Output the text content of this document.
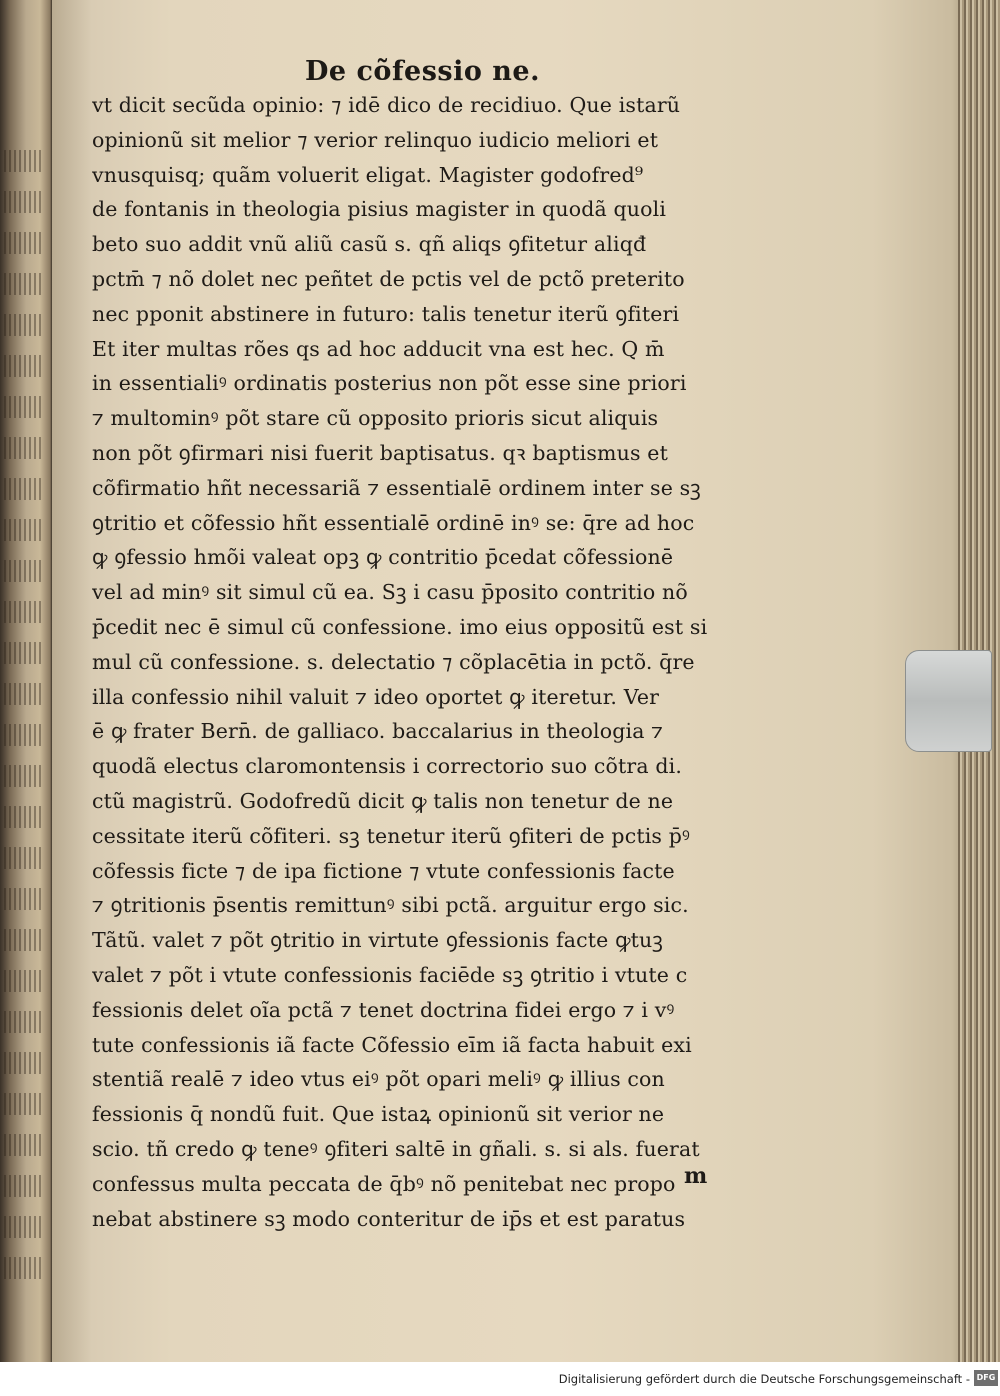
De cõfessio ne.
vt dicit secũda opinio: ⁊ idē dico de recidiuo. Que istarũ
opinionũ sit melior ⁊ verior relinquo iudicio meliori et
vnusquisq; quãm voluerit eligat. Magister godofred⁹
de fontanis in theologia pisius magister in quodã quoli
beto suo addit vnũ aliũ casũ s. qñ aliqs ꝯfitetur aliqđ
pctm̄ ⁊ nõ dolet nec peñtet de pctis vel de pctõ preterito
nec pponit abstinere in futuro: talis tenetur iterũ ꝯfiteri
Et iter multas rões qs ad hoc adducit vna est hec. Q m̄
in essentialiꝰ ordinatis posterius non põt esse sine priori
⁊ multominꝰ põt stare cũ opposito prioris sicut aliquis
non põt ꝯfirmari nisi fuerit baptisatus. qꝛ baptismus et
cõfirmatio hñt necessariã ⁊ essentialē ordinem inter se sꝫ
ꝯtritio et cõfessio hñt essentialē ordinē inꝰ se: q̄re ad hoc
ꝙ ꝯfessio hmõi valeat opꝫ ꝙ contritio p̄cedat cõfessionē
vel ad minꝰ sit simul cũ ea. Sꝫ i casu p̄posito contritio nõ
p̄cedit nec ē simul cũ confessione. imo eius oppositũ est si
mul cũ confessione. s. delectatio ⁊ cõplacētia in pctõ. q̄re
illa confessio nihil valuit ⁊ ideo oportet ꝙ iteretur. Ver
ē ꝙ frater Bern̄. de galliaco. baccalarius in theologia ⁊
quodã electus claromontensis i correctorio suo cõtra di.
ctũ magistrũ. Godofredũ dicit ꝙ talis non tenetur de ne
cessitate iterũ cõfiteri. sꝫ tenetur iterũ ꝯfiteri de pctis p̄ꝰ
cõfessis ficte ⁊ de ipa fictione ⁊ vtute confessionis facte
⁊ ꝯtritionis p̄sentis remittunꝰ sibi pctã. arguitur ergo sic.
Tãtũ. valet ⁊ põt ꝯtritio in virtute ꝯfessionis facte ꝙtuꝫ
valet ⁊ põt i vtute confessionis faciēde sꝫ ꝯtritio i vtute c
fessionis delet oĩa pctã ⁊ tenet doctrina fidei ergo ⁊ i vꝰ
tute confessionis iã facte Cõfessio eīm iã facta habuit exi
stentiã realē ⁊ ideo vtus eiꝰ põt opari meliꝰ ꝙ illius con
fessionis q̄ nondũ fuit. Que istaꝝ opinionũ sit verior ne
scio. tñ credo ꝙ teneꝰ ꝯfiteri saltē in gñali. s. si als. fuerat
confessus multa peccata de q̄bꝰ nõ penitebat nec propo
nebat abstinere sꝫ modo conteritur de ip̄s et est paratus
m
Digitalisierung gefördert durch die Deutsche Forschungsgemeinschaft - DFG
